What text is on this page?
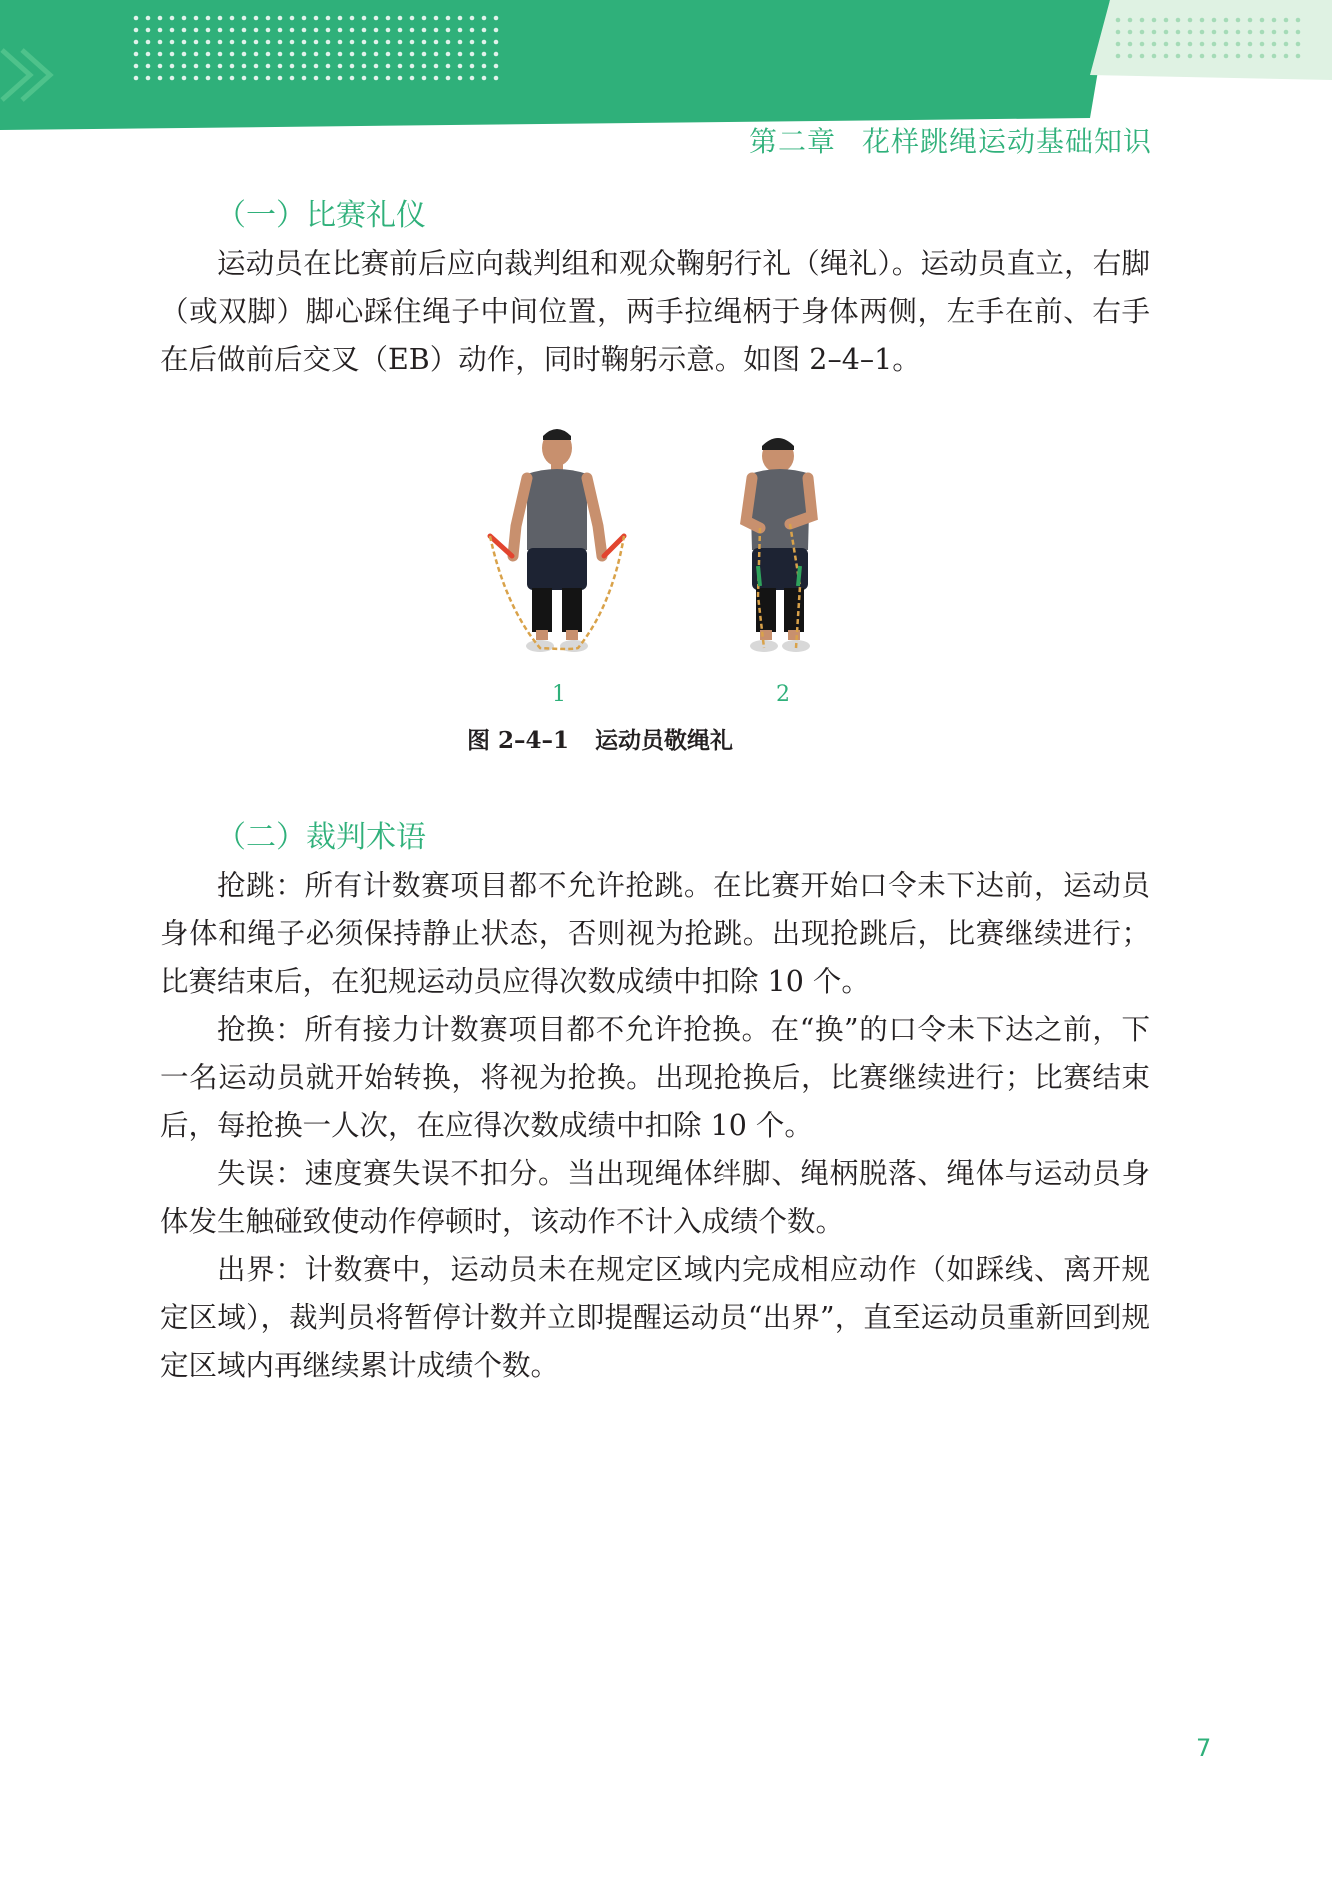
第二章 花样跳绳运动基础知识
（一）比赛礼仪

运动员在比赛前后应向裁判组和观众鞠躬行礼（绳礼）。运动员直立，右脚（或双脚）脚心踩住绳子中间位置，两手拉绳柄于身体两侧，左手在前、右手在后做前后交叉（EB）动作，同时鞠躬示意。如图 2–4–1。

1	2
图 2–4–1 运动员敬绳礼
（二）裁判术语

抢跳：所有计数赛项目都不允许抢跳。在比赛开始口令未下达前，运动员身体和绳子必须保持静止状态，否则视为抢跳。出现抢跳后，比赛继续进行；比赛结束后，在犯规运动员应得次数成绩中扣除 10 个。

抢换：所有接力计数赛项目都不允许抢换。在“换”的口令未下达之前，下一名运动员就开始转换，将视为抢换。出现抢换后，比赛继续进行；比赛结束后，每抢换一人次，在应得次数成绩中扣除 10 个。

失误：速度赛失误不扣分。当出现绳体绊脚、绳柄脱落、绳体与运动员身体发生触碰致使动作停顿时，该动作不计入成绩个数。

出界：计数赛中，运动员未在规定区域内完成相应动作（如踩线、离开规定区域），裁判员将暂停计数并立即提醒运动员“出界”，直至运动员重新回到规定区域内再继续累计成绩个数。

7
